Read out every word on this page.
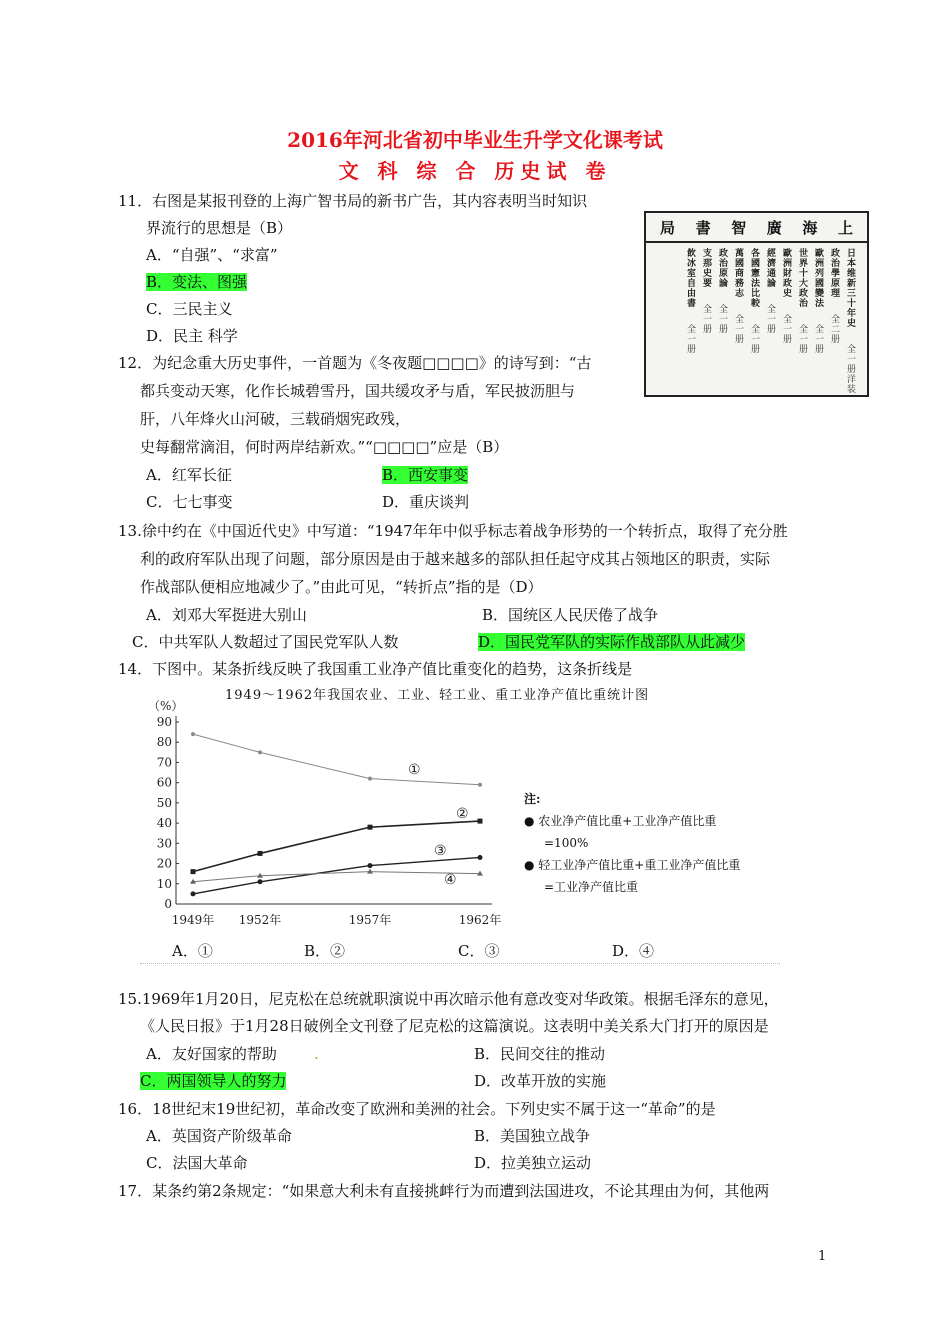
2016年河北省初中毕业生升学文化课考试
文 科 综 合 历史试 卷
11．右图是某报刊登的上海广智书局的新书广告，其内容表明当时知识
界流行的思想是（B）
A．“自强”、“求富”
B．变法、图强
C．三民主义
D．民主 科学
局 書 智 廣 海 上
日本维新三十年史
全一册洋装
政治學原理
全二册
歐洲列國變法
全一册
世界十大政治
全一册
歐洲財政史
全一册
經濟通論
全一册
各國憲法比較
全一册
萬國商務志
全一册
政治原論
全一册
支那史要
全一册
飲冰室自由書
全一册
12．为纪念重大历史事件，一首题为《冬夜题□□□□》的诗写到：“古
都兵变动天寒，化作长城碧雪丹，国共缓攻矛与盾，军民披沥胆与
肝，八年烽火山河破，三载硝烟宪政残，
史每翻常滴泪，何时两岸结新欢。”“□□□□”应是（B）
A．红军长征	B．西安事变
C．七七事变	D．重庆谈判
13.徐中约在《中国近代史》中写道：“1947年年中似乎标志着战争形势的一个转折点，取得了充分胜
利的政府军队出现了问题，部分原因是由于越来越多的部队担任起守戍其占领地区的职责，实际
作战部队便相应地减少了。”由此可见，“转折点”指的是（D）
A．刘邓大军挺进大别山	B．国统区人民厌倦了战争
C．中共军队人数超过了国民党军队人数	D．国民党军队的实际作战部队从此减少
14．下图中。某条折线反映了我国重工业净产值比重变化的趋势，这条折线是
1949～1962年我国农业、工业、轻工业、重工业净产值比重统计图
（%）
90
80
70
60
50
40
30
20
10
0
1949年 1952年	1957年	1962年
①
②
③
④
注:
● 农业净产值比重+工业净产值比重
=100%
● 轻工业净产值比重+重工业净产值比重
=工业净产值比重
A．①	B．②	C．③	D．④
15.1969年1月20日，尼克松在总统就职演说中再次暗示他有意改变对华政策。根据毛泽东的意见，
《人民日报》于1月28日破例全文刊登了尼克松的这篇演说。这表明中美关系大门打开的原因是
A．友好国家的帮助 .	B．民间交往的推动
C．两国领导人的努力	D．改革开放的实施
16．18世纪末19世纪初，革命改变了欧洲和美洲的社会。下列史实不属于这一“革命”的是
A．英国资产阶级革命	B．美国独立战争
C．法国大革命	D．拉美独立运动
17．某条约第2条规定：“如果意大利未有直接挑衅行为而遭到法国进攻，不论其理由为何，其他两
1
